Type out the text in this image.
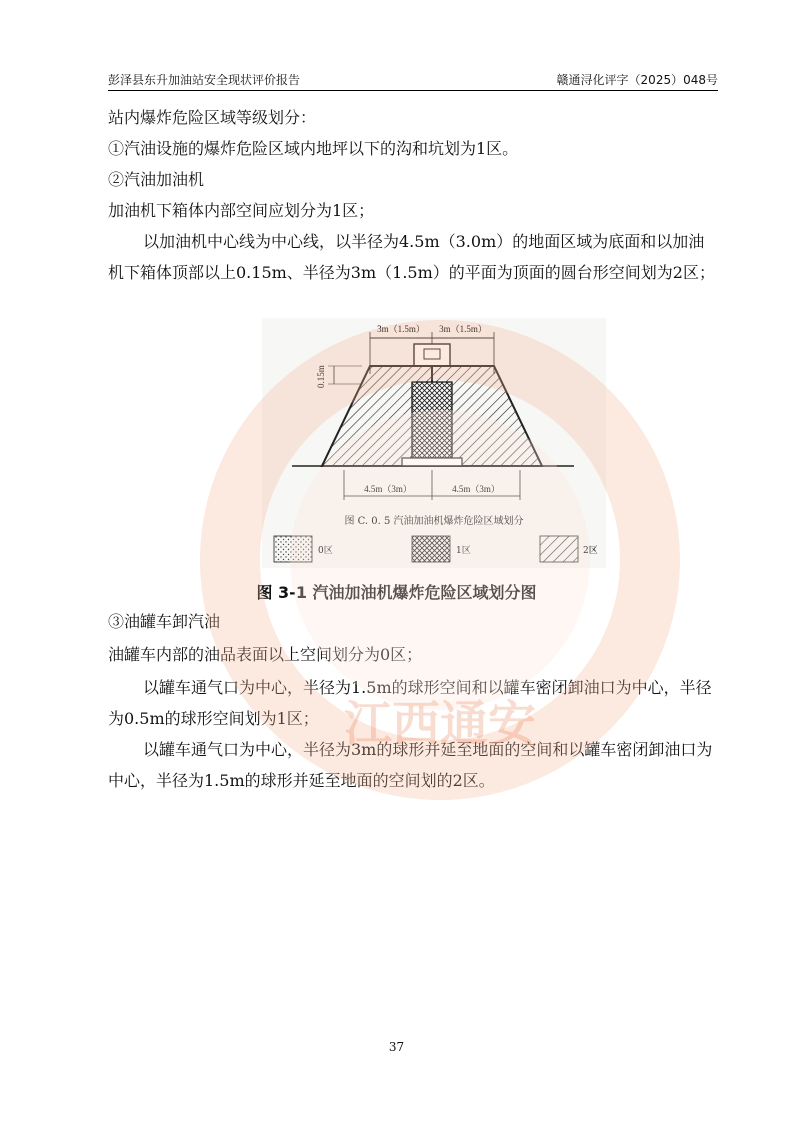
彭泽县东升加油站安全现状评价报告	赣通浔化评字（2025）048号
站内爆炸危险区域等级划分：
①汽油设施的爆炸危险区域内地坪以下的沟和坑划为1区。
②汽油加油机
加油机下箱体内部空间应划分为1区；
以加油机中心线为中心线，以半径为4.5m（3.0m）的地面区域为底面和以加油机下箱体顶部以上0.15m、半径为3m（1.5m）的平面为顶面的圆台形空间划为2区；
3m（1.5m） 3m（1.5m）
0.15m
4.5m（3m）	4.5m（3m）
图 C. 0. 5 汽油加油机爆炸危险区域划分
0区	1区	2区
图 3-1 汽油加油机爆炸危险区域划分图
③油罐车卸汽油
油罐车内部的油品表面以上空间划分为0区；
以罐车通气口为中心，半径为1.5m的球形空间和以罐车密闭卸油口为中心，半径为0.5m的球形空间划为1区；
以罐车通气口为中心，半径为3m的球形并延至地面的空间和以罐车密闭卸油口为中心，半径为1.5m的球形并延至地面的空间划的2区。
37
江西通安
